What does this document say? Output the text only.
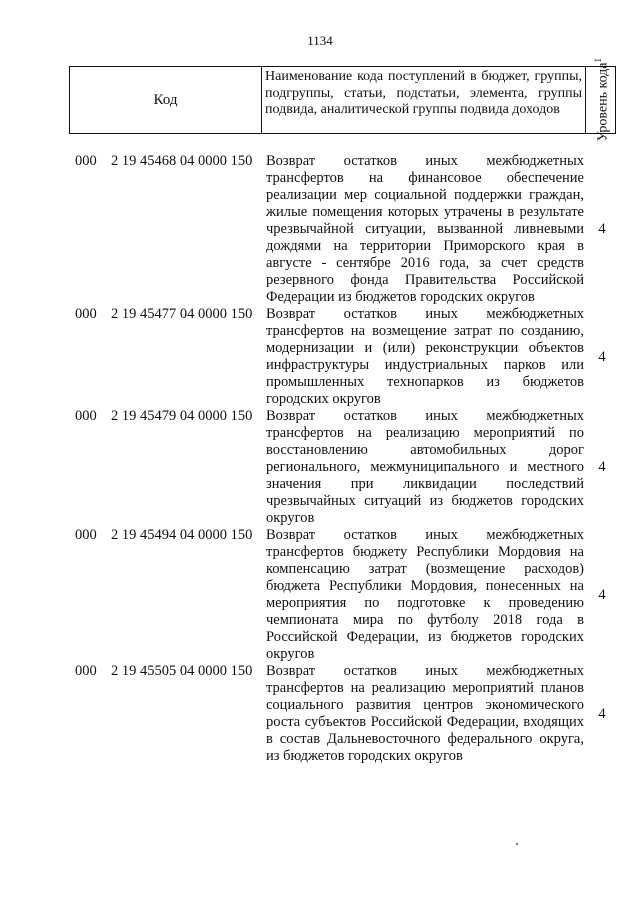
1134
Код
Наименование кода поступлений в бюджет, группы, подгруппы, статьи, подстатьи, элемента, группы подвида, аналитической группы подвида доходов	Уровень кода$^1$
000 2 19 45468 04 0000 150 Возврат остатков иных межбюджетных трансфертов на финансовое обеспечение реализации мер социальной поддержки граждан, жилые помещения которых утрачены в результате чрезвычайной ситуации, вызванной ливневыми дождями на территории Приморского края в августе - сентябре 2016 года, за счет средств резервного фонда Правительства Российской Федерации из бюджетов городских округов
4
000 2 19 45477 04 0000 150 Возврат остатков иных межбюджетных трансфертов на возмещение затрат по созданию, модернизации и (или) реконструкции объектов инфраструктуры индустриальных парков или промышленных технопарков из бюджетов городских округов
4
000 2 19 45479 04 0000 150 Возврат остатков иных межбюджетных трансфертов на реализацию мероприятий по восстановлению автомобильных дорог регионального, межмуниципального и местного значения при ликвидации последствий чрезвычайных ситуаций из бюджетов городских округов
4
000 2 19 45494 04 0000 150 Возврат остатков иных межбюджетных трансфертов бюджету Республики Мордовия на компенсацию затрат (возмещение расходов) бюджета Республики Мордовия, понесенных на мероприятия по подготовке к проведению чемпионата мира по футболу 2018 года в Российской Федерации, из бюджетов городских округов
4
000 2 19 45505 04 0000 150 Возврат остатков иных межбюджетных трансфертов на реализацию мероприятий планов социального развития центров экономического роста субъектов Российской Федерации, входящих в состав Дальневосточного федерального округа, из бюджетов городских округов
4
